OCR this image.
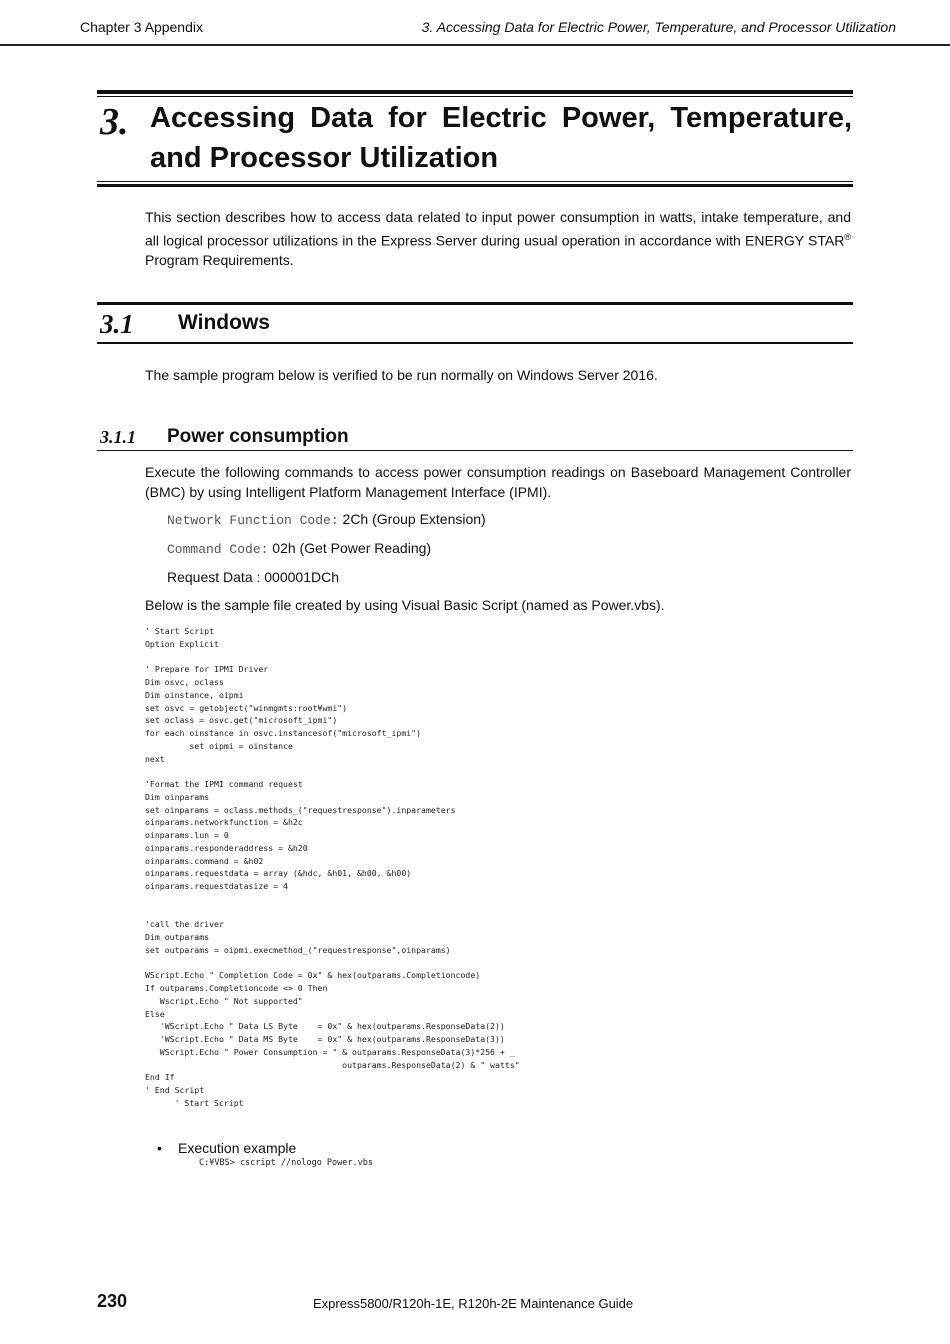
Chapter 3 Appendix	3. Accessing Data for Electric Power, Temperature, and Processor Utilization
3. Accessing Data for Electric Power, Temperature, and Processor Utilization
This section describes how to access data related to input power consumption in watts, intake temperature, and all logical processor utilizations in the Express Server during usual operation in accordance with ENERGY STAR® Program Requirements.
3.1 Windows
The sample program below is verified to be run normally on Windows Server 2016.
3.1.1 Power consumption
Execute the following commands to access power consumption readings on Baseboard Management Controller (BMC) by using Intelligent Platform Management Interface (IPMI).
Network Function Code: 2Ch (Group Extension)
Command Code: 02h (Get Power Reading)
Request Data : 000001DCh
Below is the sample file created by using Visual Basic Script (named as Power.vbs).
' Start Script
Option Explicit

' Prepare for IPMI Driver
Dim osvc, oclass
Dim oinstance, oipmi
set osvc = getobject("winmgmts:root¥wmi")
set oclass = osvc.get("microsoft_ipmi")
for each oinstance in osvc.instancesof("microsoft_ipmi")
set oipmi = oinstance
next

'Format the IPMI command request
Dim oinparams
set oinparams = oclass.methods_("requestresponse").inparameters
oinparams.networkfunction = &h2c
oinparams.lun = 0
oinparams.responderaddress = &h20
oinparams.command = &h02
oinparams.requestdata = array (&hdc, &h01, &h00, &h00)
oinparams.requestdatasize = 4

'call the driver
Dim outparams
set outparams = oipmi.execmethod_("requestresponse",oinparams)

WScript.Echo " Completion Code = 0x" & hex(outparams.Completioncode)
If outparams.Completioncode <> 0 Then
Wscript.Echo " Not supported"
Else
'WScript.Echo " Data LS Byte    = 0x" & hex(outparams.ResponseData(2))
'WScript.Echo " Data MS Byte    = 0x" & hex(outparams.ResponseData(3))
WScript.Echo " Power Consumption = " & outparams.ResponseData(3)*256 + _
outparams.ResponseData(2) & " watts"
End If
' End Script
' Start Script
• Execution example
C:¥VBS> cscript //nologo Power.vbs
230	Express5800/R120h-1E, R120h-2E Maintenance Guide
